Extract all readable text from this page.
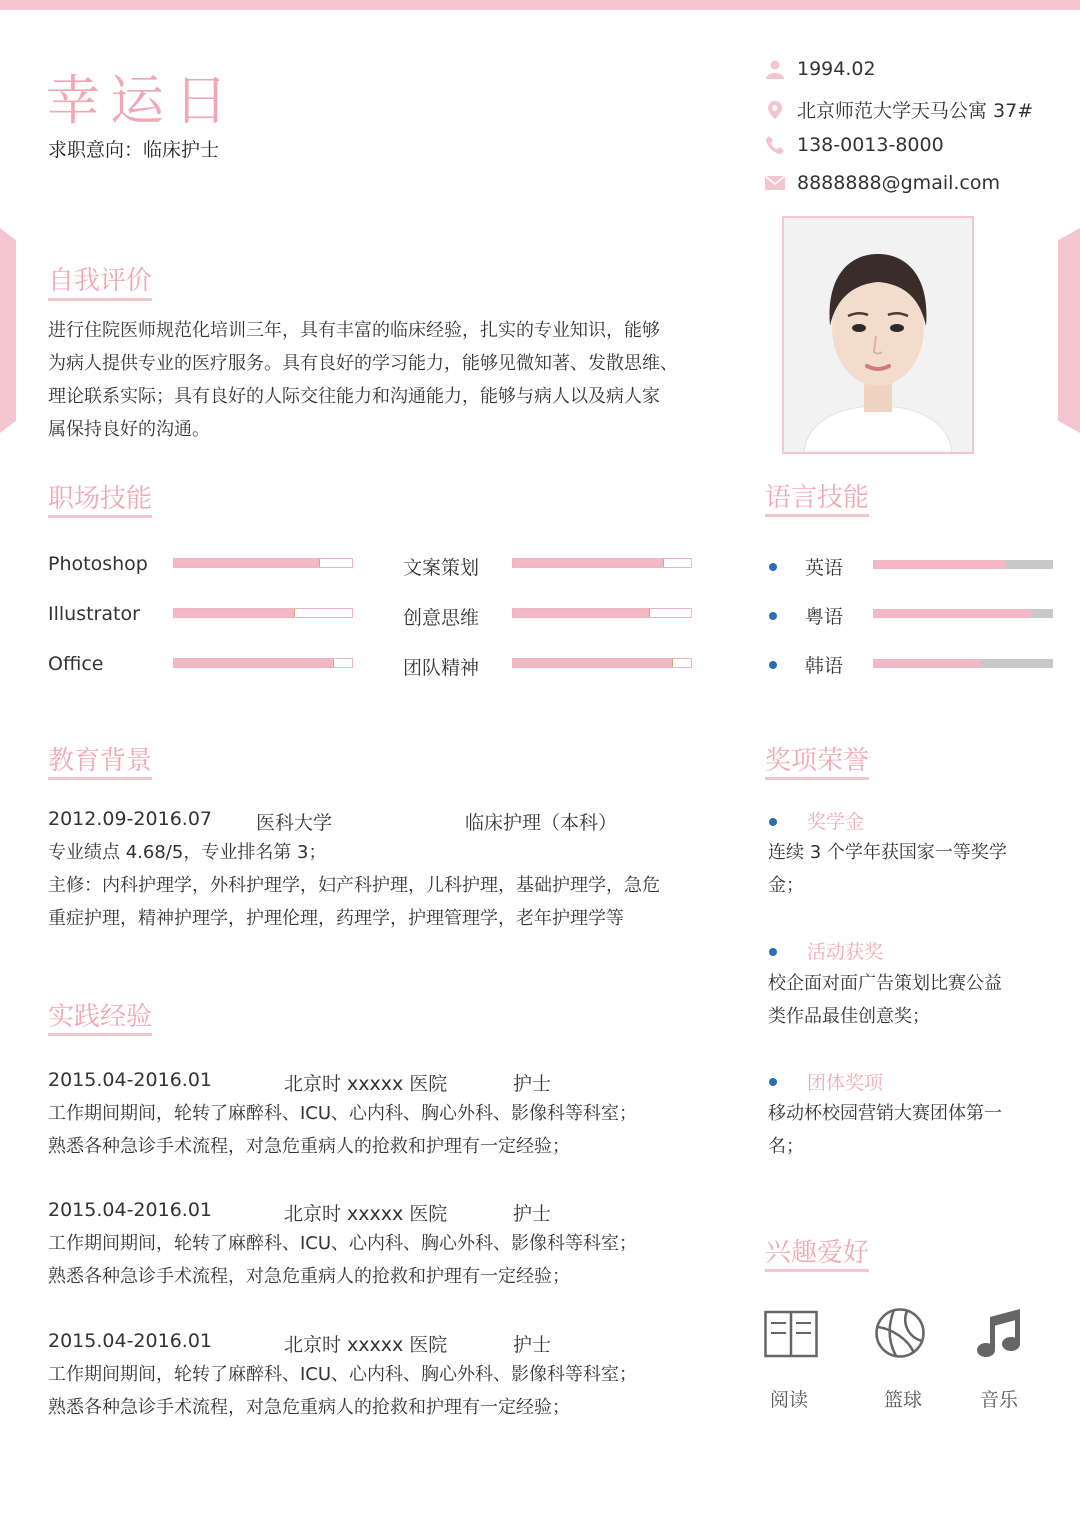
幸运日
求职意向：临床护士
1994.02
北京师范大学天马公寓 37#
138-0013-8000
8888888@gmail.com
自我评价
进行住院医师规范化培训三年，具有丰富的临床经验，扎实的专业知识，能够
为病人提供专业的医疗服务。具有良好的学习能力，能够见微知著、发散思维、
理论联系实际；具有良好的人际交往能力和沟通能力，能够与病人以及病人家
属保持良好的沟通。
职场技能
Photoshop
Illustrator
Office
文案策划
创意思维
团队精神
语言技能
英语
粤语
韩语
教育背景
2012.09-2016.07 医科大学	临床护理（本科）
专业绩点 4.68/5，专业排名第 3；
主修：内科护理学，外科护理学，妇产科护理，儿科护理，基础护理学，急危
重症护理，精神护理学，护理伦理，药理学，护理管理学，老年护理学等
实践经验
2015.04-2016.01	北京时 xxxxx 医院	护士
工作期间期间，轮转了麻醉科、ICU、心内科、胸心外科、影像科等科室；
熟悉各种急诊手术流程，对急危重病人的抢救和护理有一定经验；
2015.04-2016.01	北京时 xxxxx 医院	护士
工作期间期间，轮转了麻醉科、ICU、心内科、胸心外科、影像科等科室；
熟悉各种急诊手术流程，对急危重病人的抢救和护理有一定经验；
2015.04-2016.01	北京时 xxxxx 医院	护士
工作期间期间，轮转了麻醉科、ICU、心内科、胸心外科、影像科等科室；
熟悉各种急诊手术流程，对急危重病人的抢救和护理有一定经验；
奖项荣誉
奖学金
连续 3 个学年获国家一等奖学
金；
活动获奖
校企面对面广告策划比赛公益
类作品最佳创意奖；
团体奖项
移动杯校园营销大赛团体第一
名；
兴趣爱好
阅读	篮球	音乐
